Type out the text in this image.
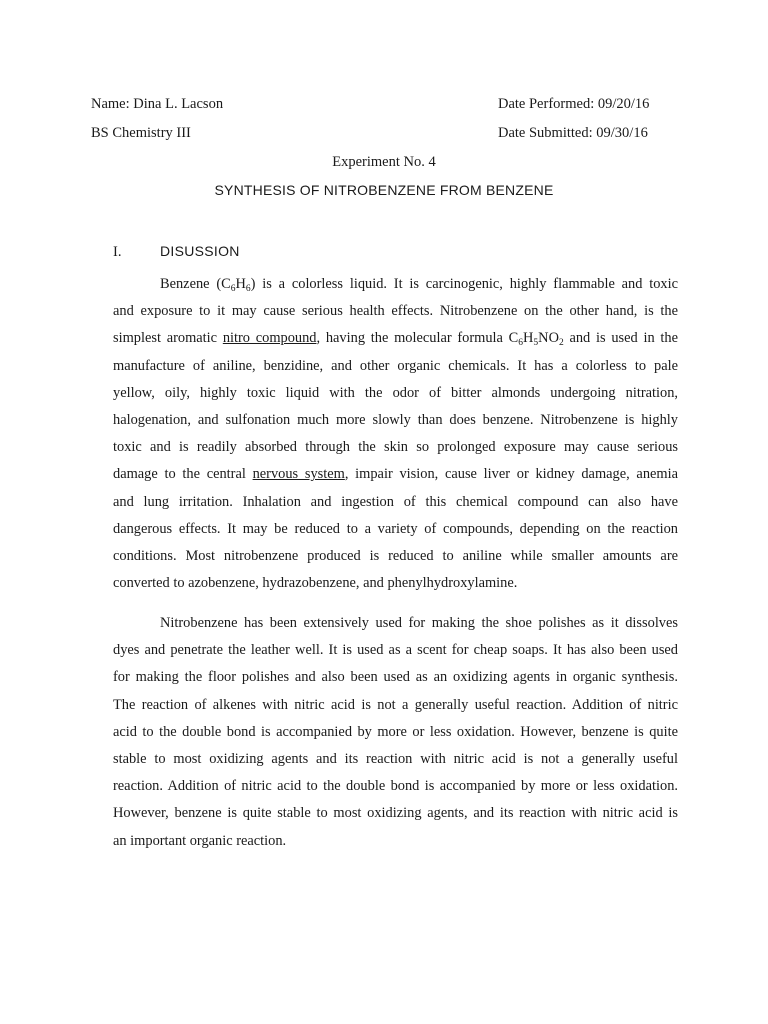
Name: Dina L. Lacson	Date Performed: 09/20/16
BS Chemistry III	Date Submitted: 09/30/16
Experiment No. 4
SYNTHESIS OF NITROBENZENE FROM BENZENE
I.	DISUSSION
Benzene $(C_6H_6)$ is a colorless liquid. It is carcinogenic, highly flammable and toxic
and exposure to it may cause serious health effects. Nitrobenzene on the other hand, is the
simplest aromatic nitro compound, having the molecular formula $C_6H_5NO_2$ and is used in the
manufacture of aniline, benzidine, and other organic chemicals. It has a colorless to pale
yellow, oily, highly toxic liquid with the odor of bitter almonds undergoing nitration,
halogenation, and sulfonation much more slowly than does benzene. Nitrobenzene is highly
toxic and is readily absorbed through the skin so prolonged exposure may cause serious
damage to the central nervous system, impair vision, cause liver or kidney damage, anemia
and lung irritation. Inhalation and ingestion of this chemical compound can also have
dangerous effects. It may be reduced to a variety of compounds, depending on the reaction
conditions. Most nitrobenzene produced is reduced to aniline while smaller amounts are
converted to azobenzene, hydrazobenzene, and phenylhydroxylamine.
Nitrobenzene has been extensively used for making the shoe polishes as it dissolves
dyes and penetrate the leather well. It is used as a scent for cheap soaps. It has also been used
for making the floor polishes and also been used as an oxidizing agents in organic synthesis.
The reaction of alkenes with nitric acid is not a generally useful reaction. Addition of nitric
acid to the double bond is accompanied by more or less oxidation. However, benzene is quite
stable to most oxidizing agents and its reaction with nitric acid is not a generally useful
reaction. Addition of nitric acid to the double bond is accompanied by more or less oxidation.
However, benzene is quite stable to most oxidizing agents, and its reaction with nitric acid is
an important organic reaction.
